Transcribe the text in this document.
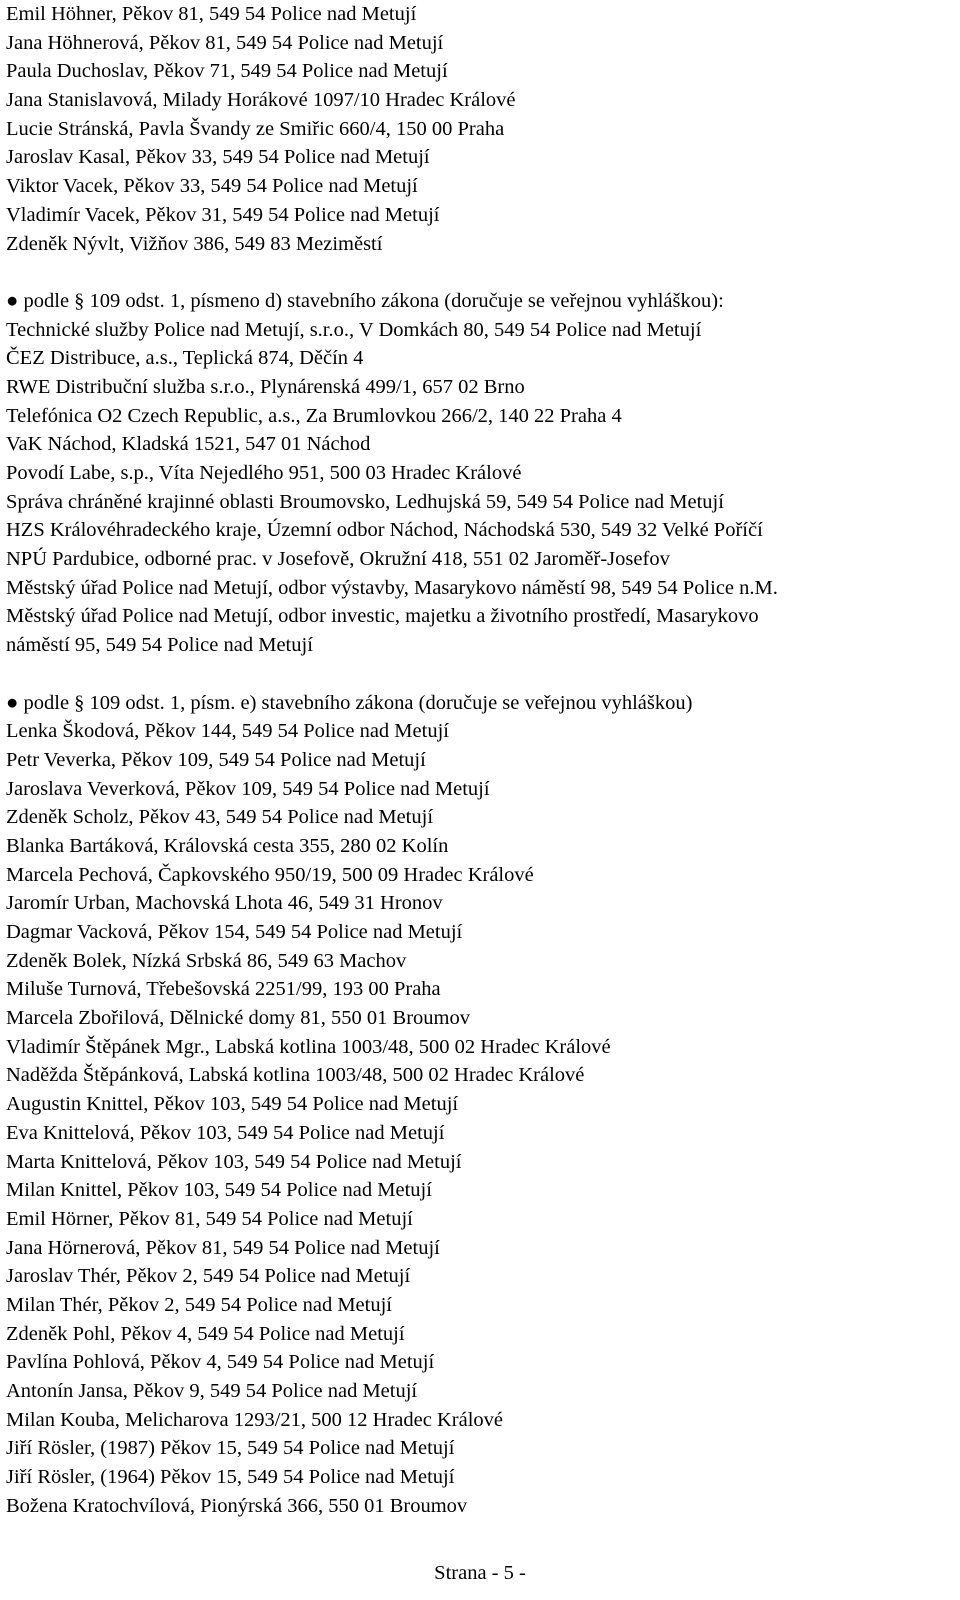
Emil Höhner, Pěkov 81, 549 54 Police nad Metují
Jana Höhnerová, Pěkov 81, 549 54 Police nad Metují
Paula Duchoslav, Pěkov 71, 549 54 Police nad Metují
Jana Stanislavová, Milady Horákové 1097/10 Hradec Králové
Lucie Stránská, Pavla Švandy ze Smiřic 660/4, 150 00 Praha
Jaroslav Kasal, Pěkov 33, 549 54 Police nad Metují
Viktor Vacek, Pěkov 33, 549 54 Police nad Metují
Vladimír Vacek, Pěkov 31, 549 54 Police nad Metují
Zdeněk Nývlt, Vižňov 386, 549 83 Meziměstí
● podle § 109 odst. 1, písmeno d) stavebního zákona (doručuje se veřejnou vyhláškou):
Technické služby Police nad Metují, s.r.o., V Domkách 80, 549 54 Police nad Metují
ČEZ Distribuce, a.s., Teplická 874, Děčín 4
RWE Distribuční služba s.r.o., Plynárenská 499/1, 657 02 Brno
Telefónica O2 Czech Republic, a.s., Za Brumlovkou 266/2, 140 22 Praha 4
VaK Náchod, Kladská 1521, 547 01 Náchod
Povodí Labe, s.p., Víta Nejedlého 951, 500 03 Hradec Králové
Správa chráněné krajinné oblasti Broumovsko, Ledhujská 59, 549 54 Police nad Metují
HZS Královéhradeckého kraje, Územní odbor Náchod, Náchodská 530, 549 32 Velké Poříčí
NPÚ Pardubice, odborné prac. v Josefově, Okružní 418, 551 02 Jaroměř-Josefov
Městský úřad Police nad Metují, odbor výstavby, Masarykovo náměstí 98, 549 54 Police n.M.
Městský úřad Police nad Metují, odbor investic, majetku a životního prostředí, Masarykovo
náměstí 95, 549 54 Police nad Metují
● podle § 109 odst. 1, písm. e) stavebního zákona (doručuje se veřejnou vyhláškou)
Lenka Škodová, Pěkov 144, 549 54 Police nad Metují
Petr Veverka, Pěkov 109, 549 54 Police nad Metují
Jaroslava Veverková, Pěkov 109, 549 54 Police nad Metují
Zdeněk Scholz, Pěkov 43, 549 54 Police nad Metují
Blanka Bartáková, Královská cesta 355, 280 02 Kolín
Marcela Pechová, Čapkovského 950/19, 500 09 Hradec Králové
Jaromír Urban, Machovská Lhota 46, 549 31 Hronov
Dagmar Vacková, Pěkov 154, 549 54 Police nad Metují
Zdeněk Bolek, Nízká Srbská 86, 549 63 Machov
Miluše Turnová, Třebešovská 2251/99, 193 00 Praha
Marcela Zbořilová, Dělnické domy 81, 550 01 Broumov
Vladimír Štěpánek Mgr., Labská kotlina 1003/48, 500 02 Hradec Králové
Naděžda Štěpánková, Labská kotlina 1003/48, 500 02 Hradec Králové
Augustin Knittel, Pěkov 103, 549 54 Police nad Metují
Eva Knittelová, Pěkov 103, 549 54 Police nad Metují
Marta Knittelová, Pěkov 103, 549 54 Police nad Metují
Milan Knittel, Pěkov 103, 549 54 Police nad Metují
Emil Hörner, Pěkov 81, 549 54 Police nad Metují
Jana Hörnerová, Pěkov 81, 549 54 Police nad Metují
Jaroslav Thér, Pěkov 2, 549 54 Police nad Metují
Milan Thér, Pěkov 2, 549 54 Police nad Metují
Zdeněk Pohl, Pěkov 4, 549 54 Police nad Metují
Pavlína Pohlová, Pěkov 4, 549 54 Police nad Metují
Antonín Jansa, Pěkov 9, 549 54 Police nad Metují
Milan Kouba, Melicharova 1293/21, 500 12 Hradec Králové
Jiří Rösler, (1987) Pěkov 15, 549 54 Police nad Metují
Jiří Rösler, (1964) Pěkov 15, 549 54 Police nad Metují
Božena Kratochvílová, Pionýrská 366, 550 01 Broumov
Strana - 5 -
